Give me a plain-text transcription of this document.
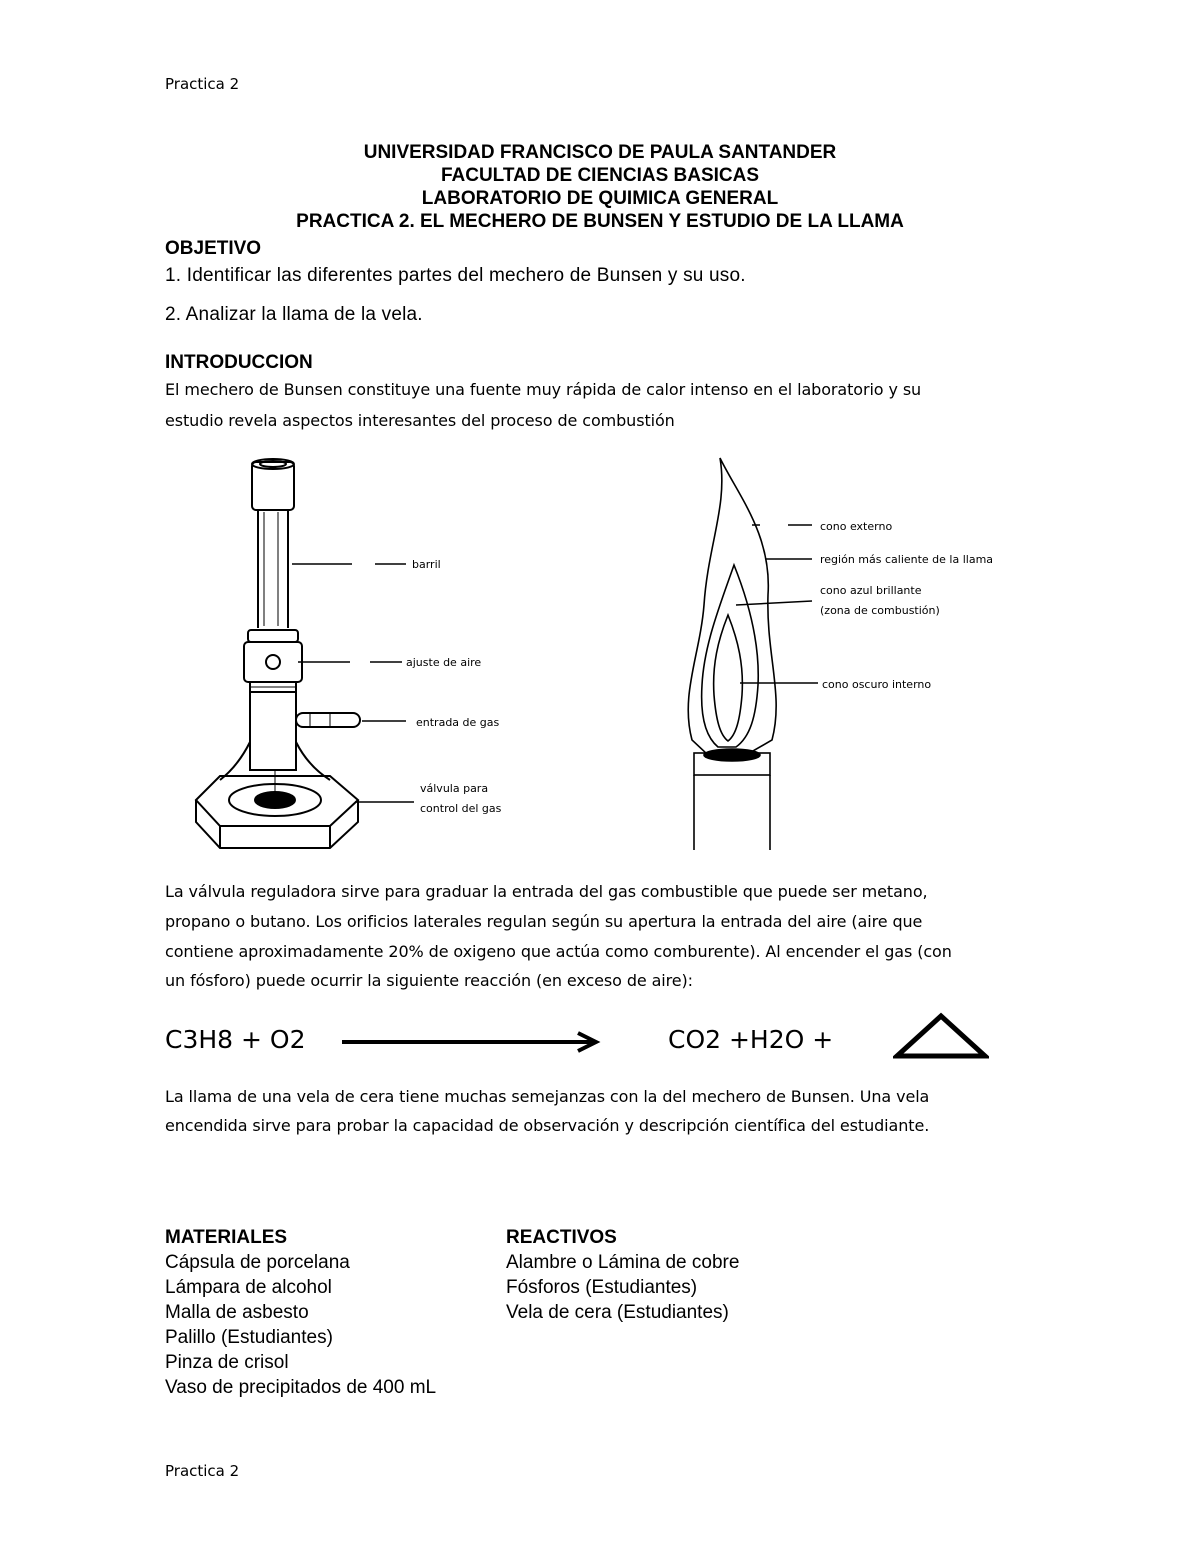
Practica 2
UNIVERSIDAD FRANCISCO DE PAULA SANTANDER
FACULTAD DE CIENCIAS BASICAS
LABORATORIO DE QUIMICA GENERAL
PRACTICA 2. EL MECHERO DE BUNSEN Y ESTUDIO DE LA LLAMA
OBJETIVO
1. Identificar las diferentes partes del mechero de Bunsen y su uso.
2. Analizar la llama de la vela.
INTRODUCCION
El mechero de Bunsen constituye una fuente muy rápida de calor intenso en el laboratorio y su
estudio revela aspectos interesantes del proceso de combustión
barril
ajuste de aire
entrada de gas
válvula para
control del gas
cono externo
región más caliente de la llama
cono azul brillante
(zona de combustión)
cono oscuro interno
La válvula reguladora sirve para graduar la entrada del gas combustible que puede ser metano,
propano o butano. Los orificios laterales regulan según su apertura la entrada del aire (aire que
contiene aproximadamente 20% de oxigeno que actúa como comburente). Al encender el gas (con
un fósforo) puede ocurrir la siguiente reacción (en exceso de aire):
C3H8 + O2	CO2 +H2O +
La llama de una vela de cera tiene muchas semejanzas con la del mechero de Bunsen. Una vela
encendida sirve para probar la capacidad de observación y descripción científica del estudiante.
MATERIALES
Cápsula de porcelana
Lámpara de alcohol
Malla de asbesto
Palillo (Estudiantes)
Pinza de crisol
Vaso de precipitados de 400 mL
REACTIVOS
Alambre o Lámina de cobre
Fósforos (Estudiantes)
Vela de cera (Estudiantes)
Practica 2
